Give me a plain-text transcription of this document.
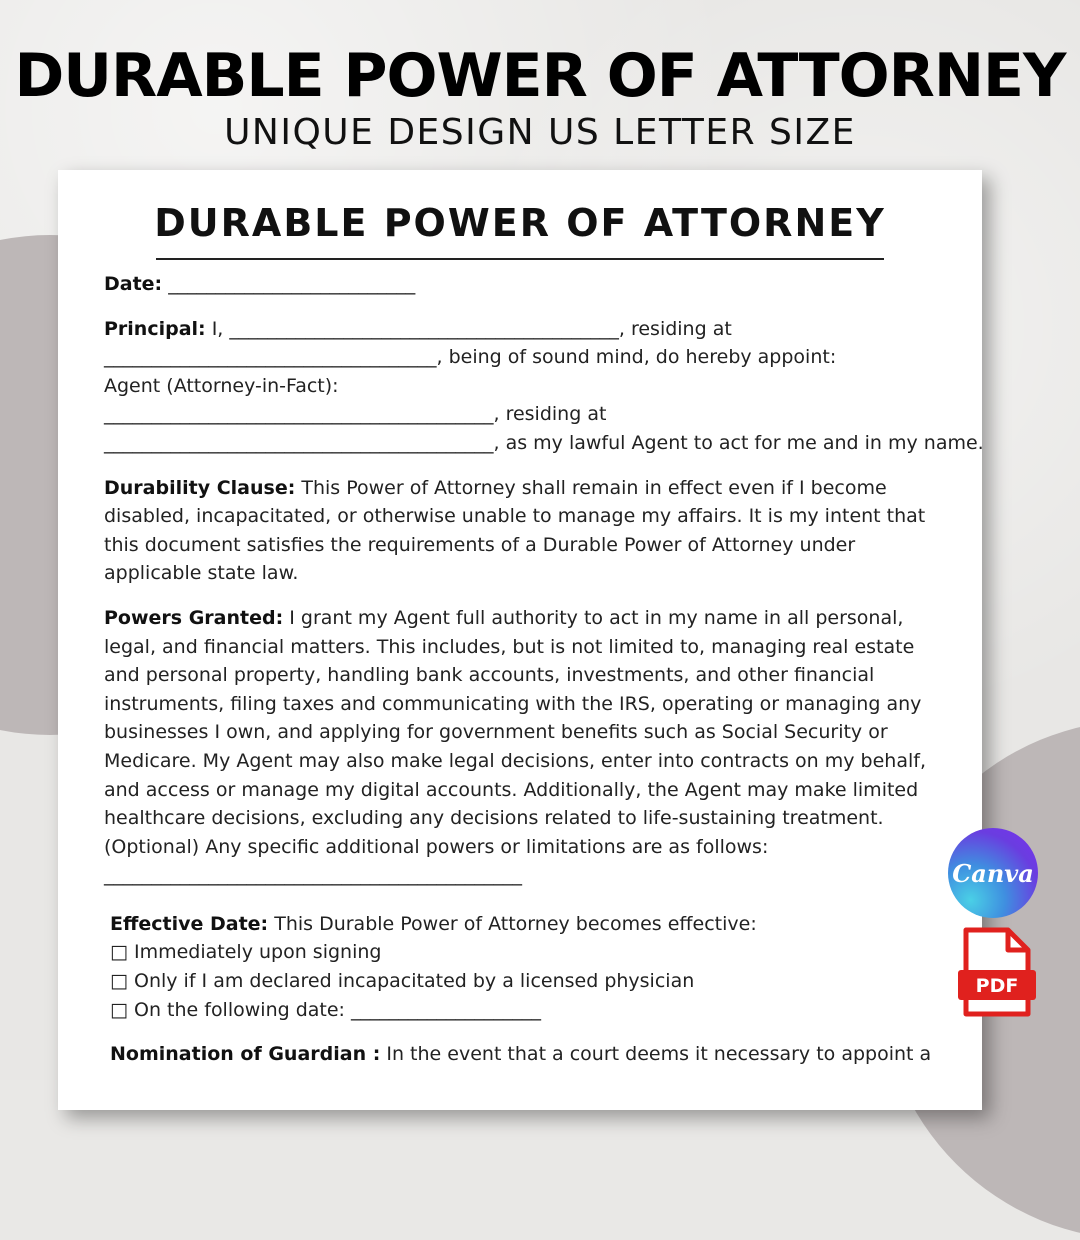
DURABLE POWER OF ATTORNEY
UNIQUE DESIGN US LETTER SIZE
DURABLE POWER OF ATTORNEY
Date: __________________________
Principal: I, _________________________________________, residing at
___________________________________, being of sound mind, do hereby appoint:
Agent (Attorney-in-Fact):
_________________________________________, residing at
_________________________________________, as my lawful Agent to act for me and in my name.
Durability Clause: This Power of Attorney shall remain in effect even if I become
disabled, incapacitated, or otherwise unable to manage my affairs. It is my intent that
this document satisfies the requirements of a Durable Power of Attorney under
applicable state law.
Powers Granted: I grant my Agent full authority to act in my name in all personal,
legal, and financial matters. This includes, but is not limited to, managing real estate
and personal property, handling bank accounts, investments, and other financial
instruments, filing taxes and communicating with the IRS, operating or managing any
businesses I own, and applying for government benefits such as Social Security or
Medicare. My Agent may also make legal decisions, enter into contracts on my behalf,
and access or manage my digital accounts. Additionally, the Agent may make limited
healthcare decisions, excluding any decisions related to life-sustaining treatment.
(Optional) Any specific additional powers or limitations are as follows:
____________________________________________
Effective Date: This Durable Power of Attorney becomes effective:
□ Immediately upon signing
□ Only if I am declared incapacitated by a licensed physician
□ On the following date: ____________________
Nomination of Guardian : In the event that a court deems it necessary to appoint a
Canva
PDF
